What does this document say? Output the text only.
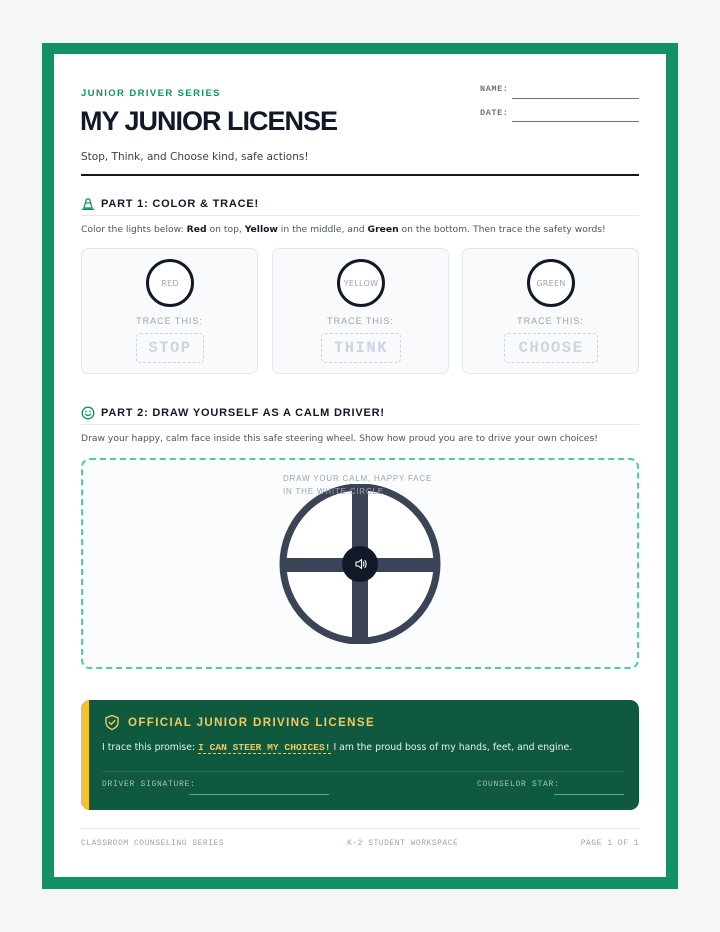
JUNIOR DRIVER SERIES
MY JUNIOR LICENSE
Stop, Think, and Choose kind, safe actions!
NAME:
DATE:
PART 1: COLOR & TRACE!
Color the lights below: Red on top, Yellow in the middle, and Green on the bottom. Then trace the safety words!
RED
TRACE THIS:
STOP
YELLOW
TRACE THIS:
THINK
GREEN
TRACE THIS:
CHOOSE
PART 2: DRAW YOURSELF AS A CALM DRIVER!
Draw your happy, calm face inside this safe steering wheel. Show how proud you are to drive your own choices!
DRAW YOUR CALM, HAPPY FACE IN THE WHITE CIRCLE
OFFICIAL JUNIOR DRIVING LICENSE
I trace this promise: I CAN STEER MY CHOICES! I am the proud boss of my hands, feet, and engine.
DRIVER SIGNATURE:	COUNSELOR STAR:
CLASSROOM COUNSELING SERIES	K-2 STUDENT WORKSPACE	PAGE 1 OF 1
